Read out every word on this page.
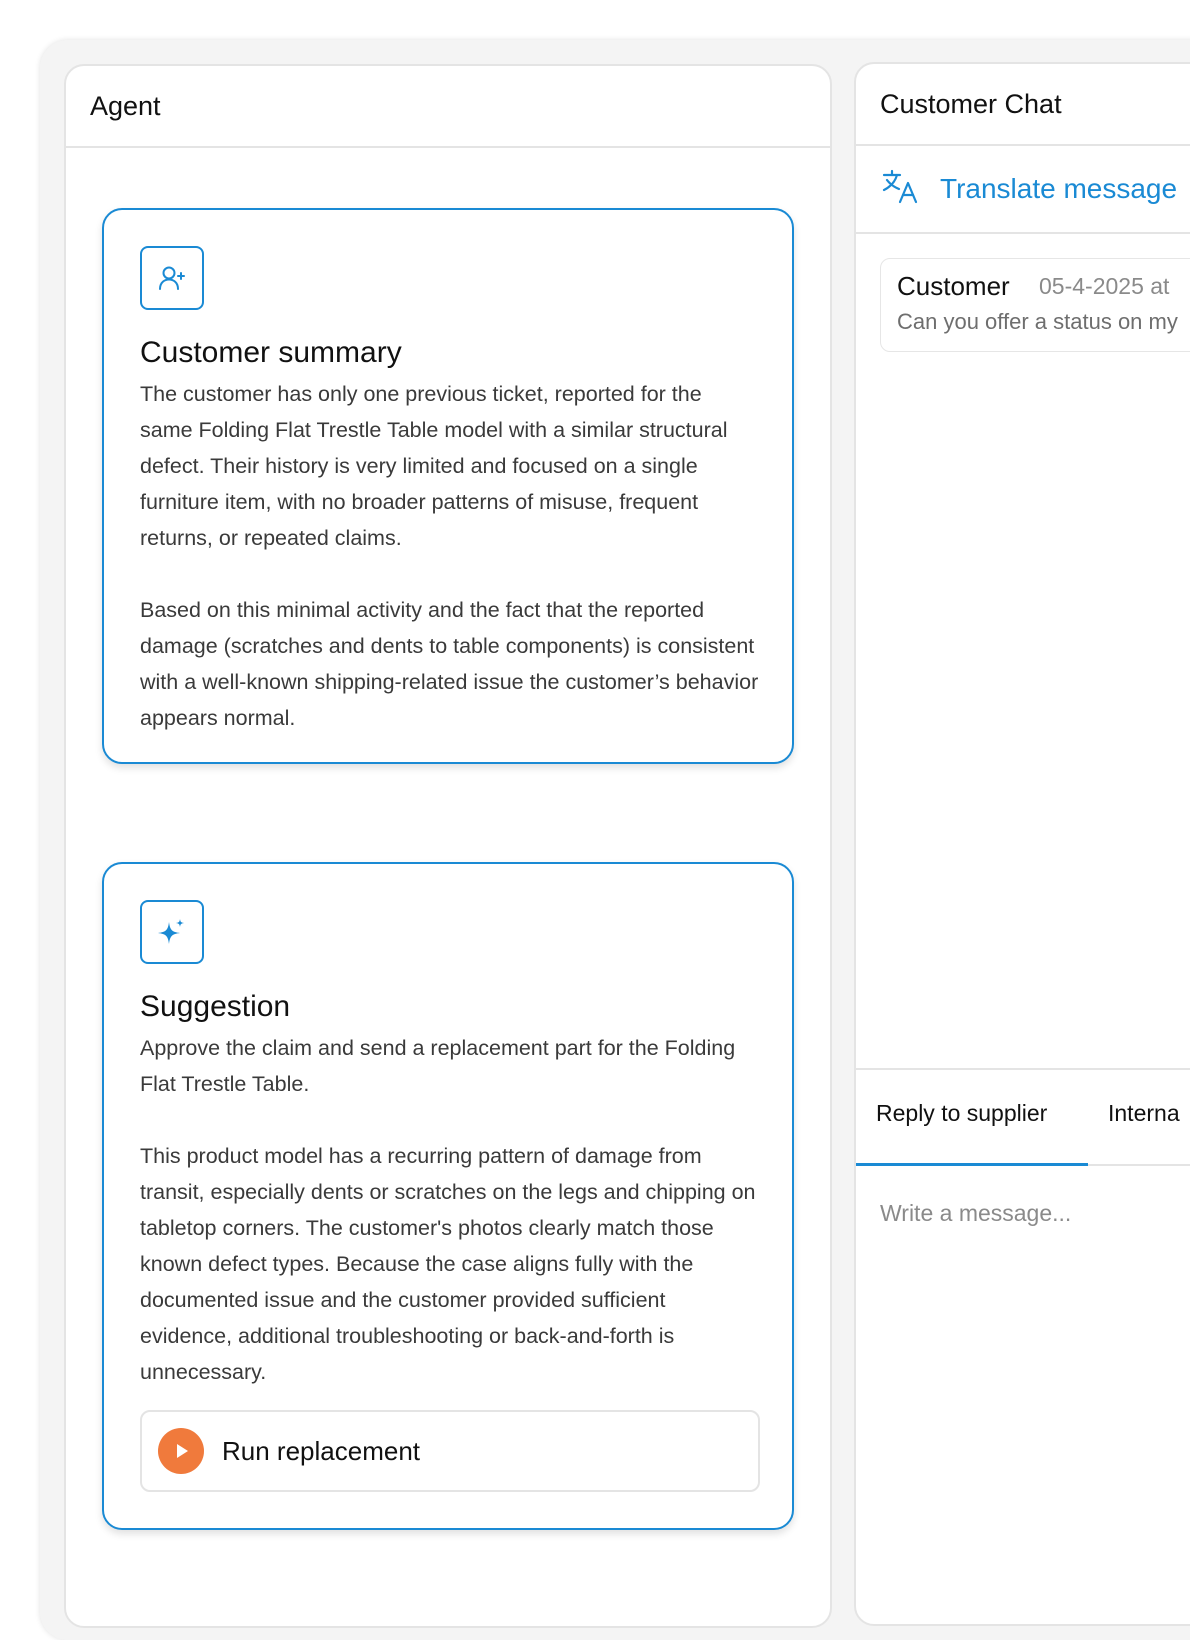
Agent
Customer summary

The customer has only one previous ticket, reported for the same Folding Flat Trestle Table model with a similar structural defect. Their history is very limited and focused on a single furniture item, with no broader patterns of misuse, frequent returns, or repeated claims.

Based on this minimal activity and the fact that the reported damage (scratches and dents to table components) is consistent with a well-known shipping-related issue the customer’s behavior appears normal.

Suggestion

Approve the claim and send a replacement part for the Folding Flat Trestle Table.

This product model has a recurring pattern of damage from transit, especially dents or scratches on the legs and chipping on tabletop corners. The customer's photos clearly match those known defect types. Because the case aligns fully with the documented issue and the customer provided sufficient evidence, additional troubleshooting or back-and-forth is unnecessary.

Run replacement
Customer Chat
Translate message
Customer 05-4-2025 at
Can you offer a status on my
Reply to supplier	Interna
Write a message...
